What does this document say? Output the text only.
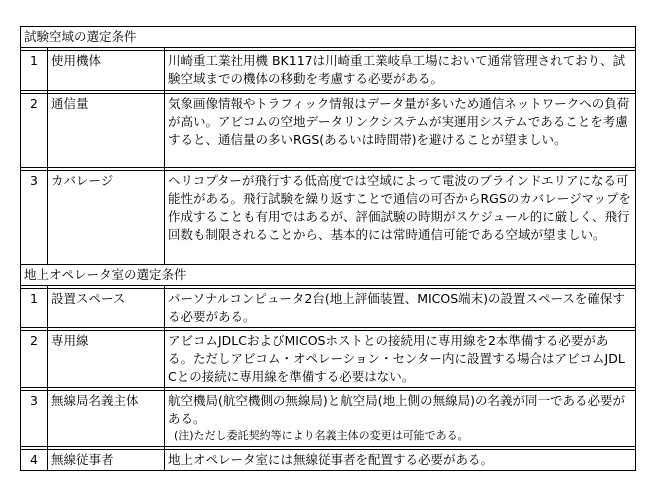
試験空域の選定条件		

1	使用機体	川崎重工業社用機 BK117は川崎重工業岐阜工場において通常管理されており、試験空域までの機体の移動を考慮する必要がある。

2	通信量	気象画像情報やトラフィック情報はデータ量が多いため通信ネットワークへの負荷が高い。アビコムの空地データリンクシステムが実運用システムであることを考慮すると、通信量の多いRGS(あるいは時間帯)を避けることが望ましい。

3	カバレージ	ヘリコプターが飛行する低高度では空域によって電波のブラインドエリアになる可能性がある。飛行試験を繰り返すことで通信の可否からRGSのカバレージマップを作成することも有用ではあるが、評価試験の時期がスケジュール的に厳しく、飛行回数も制限されることから、基本的には常時通信可能である空域が望ましい。
地上オペレータ室の選定条件		

1	設置スペース	パーソナルコンピュータ2台(地上評価装置、MICOS端末)の設置スペースを確保する必要がある。

2	専用線	アビコムJDLCおよびMICOSホストとの接続用に専用線を2本準備する必要がある。ただしアビコム・オペレーション・センター内に設置する場合はアビコムJDLCとの接続に専用線を準備する必要はない。

3	無線局名義主体	航空機局(航空機側の無線局)と航空局(地上側の無線局)の名義が同一である必要がある。
(注)ただし委託契約等により名義主体の変更は可能である。

4	無線従事者	地上オペレータ室には無線従事者を配置する必要がある。
